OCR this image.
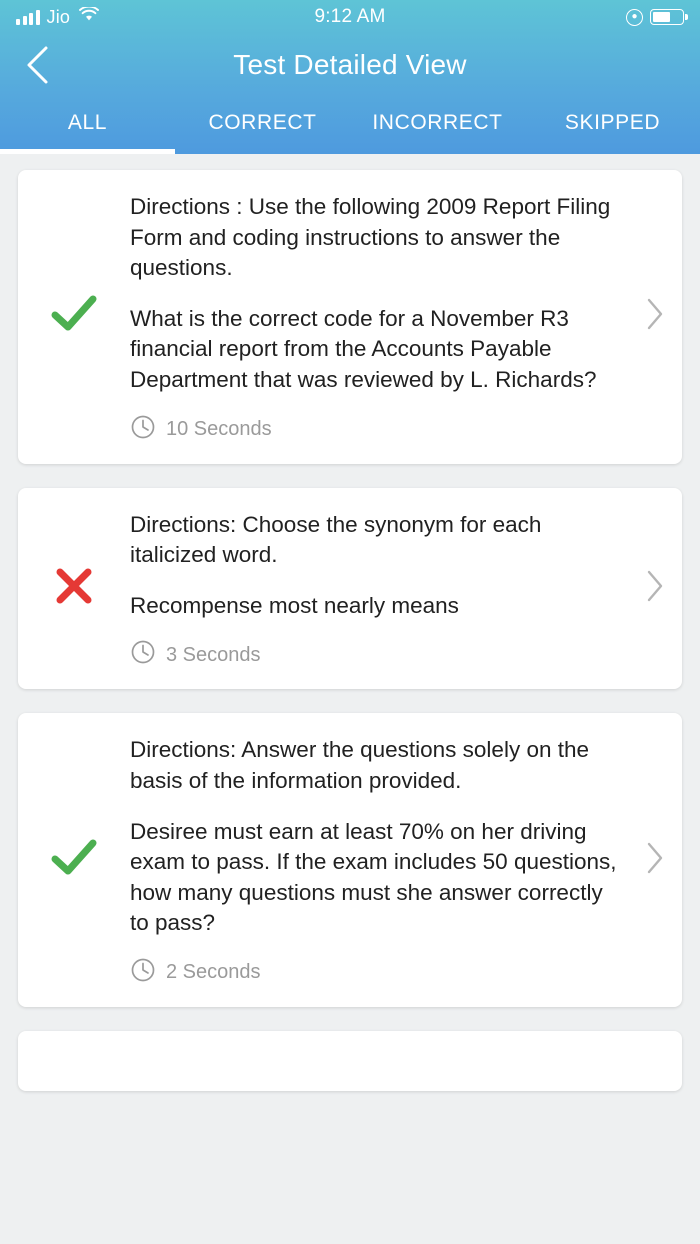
Jio	9:12 AM	●
Test Detailed View
ALL	CORRECT	INCORRECT	SKIPPED
Directions : Use the following 2009 Report Filing Form and coding instructions to answer the questions.
What is the correct code for a November R3 financial report from the Accounts Payable Department that was reviewed by L. Richards?
10 Seconds
Directions: Choose the synonym for each italicized word.
Recompense most nearly means
3 Seconds
Directions: Answer the questions solely on the basis of the information provided.
Desiree must earn at least 70% on her driving exam to pass. If the exam includes 50 questions, how many questions must she answer correctly to pass?
2 Seconds
